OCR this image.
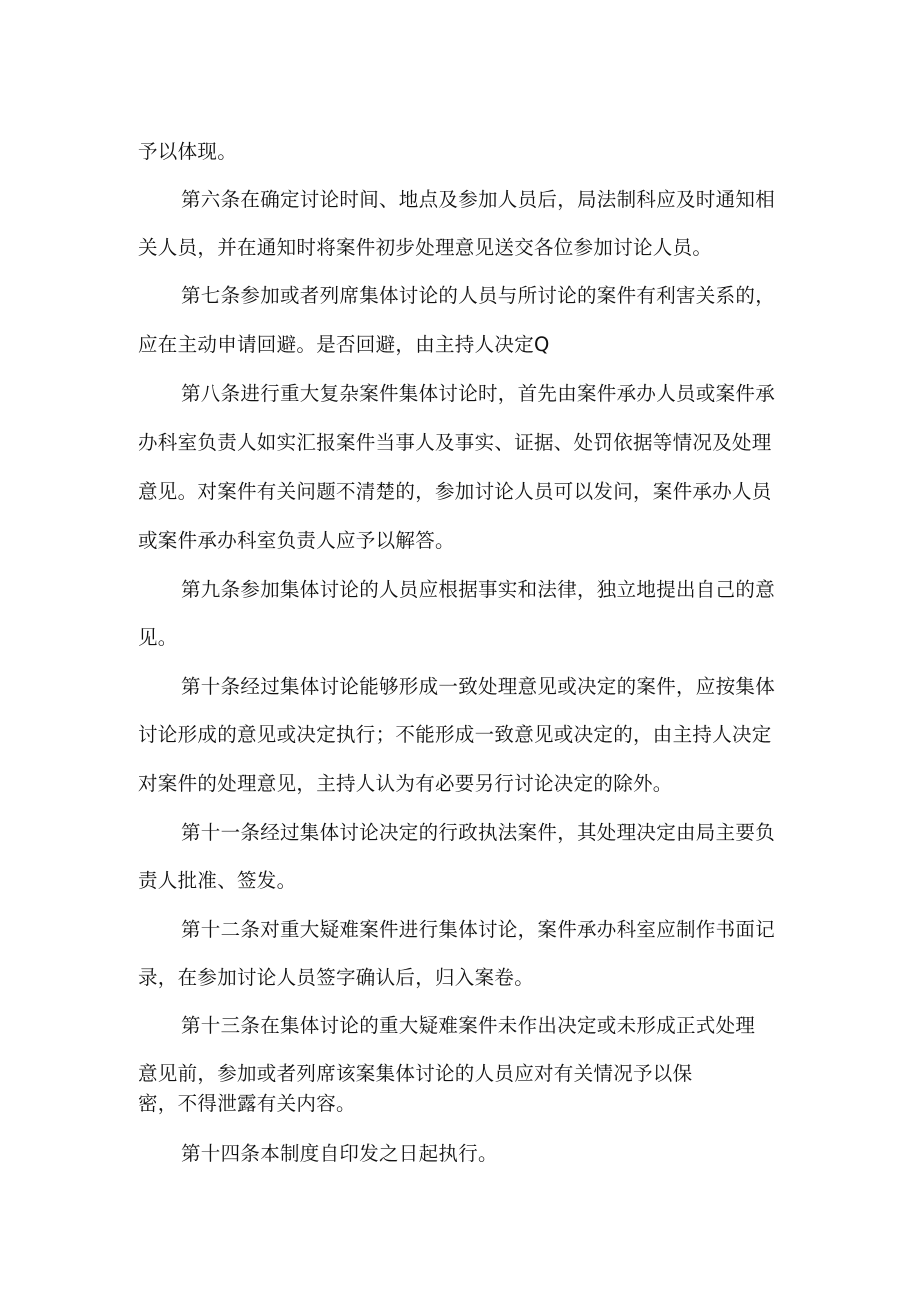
予以体现。
第六条在确定讨论时间、地点及参加人员后，局法制科应及时通知相
关人员，并在通知时将案件初步处理意见送交各位参加讨论人员。
第七条参加或者列席集体讨论的人员与所讨论的案件有利害关系的，
应在主动申请回避。是否回避，由主持人决定Q
第八条进行重大复杂案件集体讨论时，首先由案件承办人员或案件承
办科室负责人如实汇报案件当事人及事实、证据、处罚依据等情况及处理
意见。对案件有关问题不清楚的，参加讨论人员可以发问，案件承办人员
或案件承办科室负责人应予以解答。
第九条参加集体讨论的人员应根据事实和法律，独立地提出自己的意
见。
第十条经过集体讨论能够形成一致处理意见或决定的案件，应按集体
讨论形成的意见或决定执行；不能形成一致意见或决定的，由主持人决定
对案件的处理意见，主持人认为有必要另行讨论决定的除外。
第十一条经过集体讨论决定的行政执法案件，其处理决定由局主要负
责人批准、签发。
第十二条对重大疑难案件进行集体讨论，案件承办科室应制作书面记
录，在参加讨论人员签字确认后，归入案卷。
第十三条在集体讨论的重大疑难案件未作出决定或未形成正式处理
意见前，参加或者列席该案集体讨论的人员应对有关情况予以保
密，不得泄露有关内容。
第十四条本制度自印发之日起执行。
